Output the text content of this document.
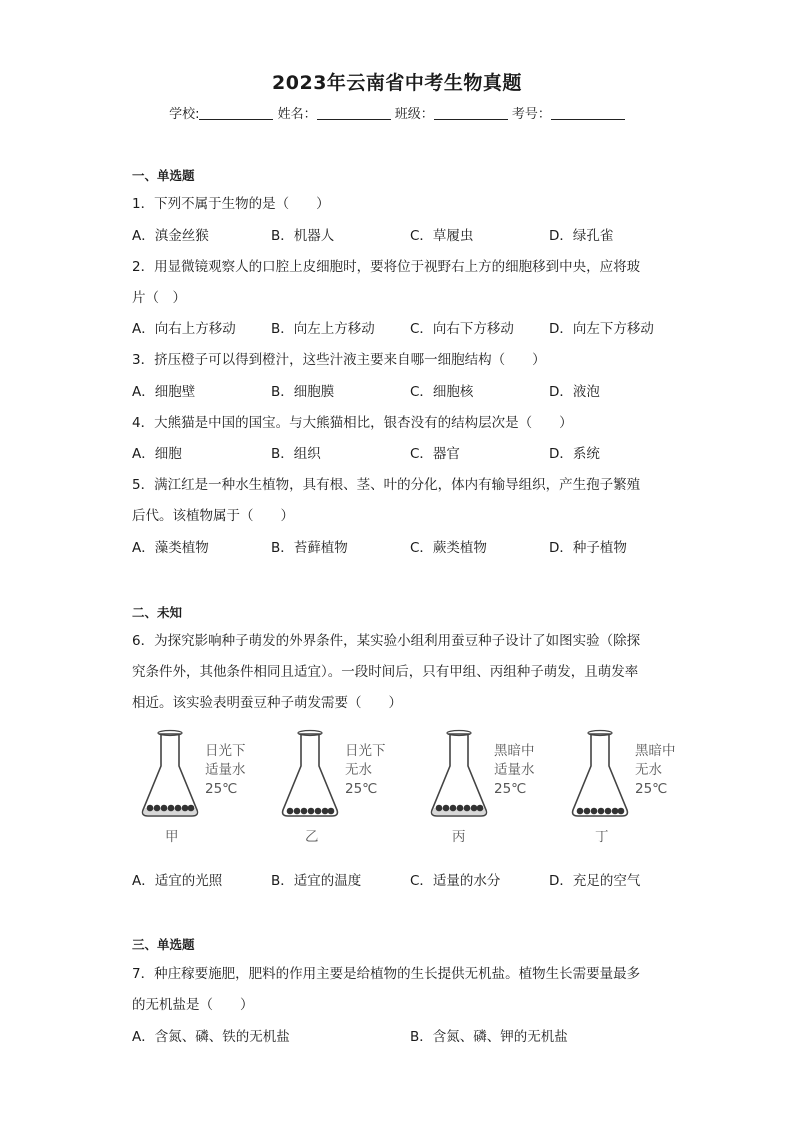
2023年云南省中考生物真题
学校:	姓名：	班级：	考号：
一、单选题
1．下列不属于生物的是（　　）
A．滇金丝猴	B．机器人	C．草履虫	D．绿孔雀
2．用显微镜观察人的口腔上皮细胞时，要将位于视野右上方的细胞移到中央，应将玻
片（　）
A．向右上方移动	B．向左上方移动	C．向右下方移动	D．向左下方移动
3．挤压橙子可以得到橙汁，这些汁液主要来自哪一细胞结构（　　）
A．细胞壁	B．细胞膜	C．细胞核	D．液泡
4．大熊猫是中国的国宝。与大熊猫相比，银杏没有的结构层次是（　　）
A．细胞	B．组织	C．器官	D．系统
5．满江红是一种水生植物，具有根、茎、叶的分化，体内有输导组织，产生孢子繁殖
后代。该植物属于（　　）
A．藻类植物	B．苔藓植物	C．蕨类植物	D．种子植物
二、未知
6．为探究影响种子萌发的外界条件，某实验小组利用蚕豆种子设计了如图实验（除探
究条件外，其他条件相同且适宜）。一段时间后，只有甲组、丙组种子萌发，且萌发率
相近。该实验表明蚕豆种子萌发需要（　　）
日光下
适量水
25℃
甲
日光下
无水
25℃
乙
黑暗中
适量水
25℃
丙
黑暗中
无水
25℃
丁
A．适宜的光照	B．适宜的温度	C．适量的水分	D．充足的空气
三、单选题
7．种庄稼要施肥，肥料的作用主要是给植物的生长提供无机盐。植物生长需要量最多
的无机盐是（　　）
A．含氮、磷、铁的无机盐	B．含氮、磷、钾的无机盐
